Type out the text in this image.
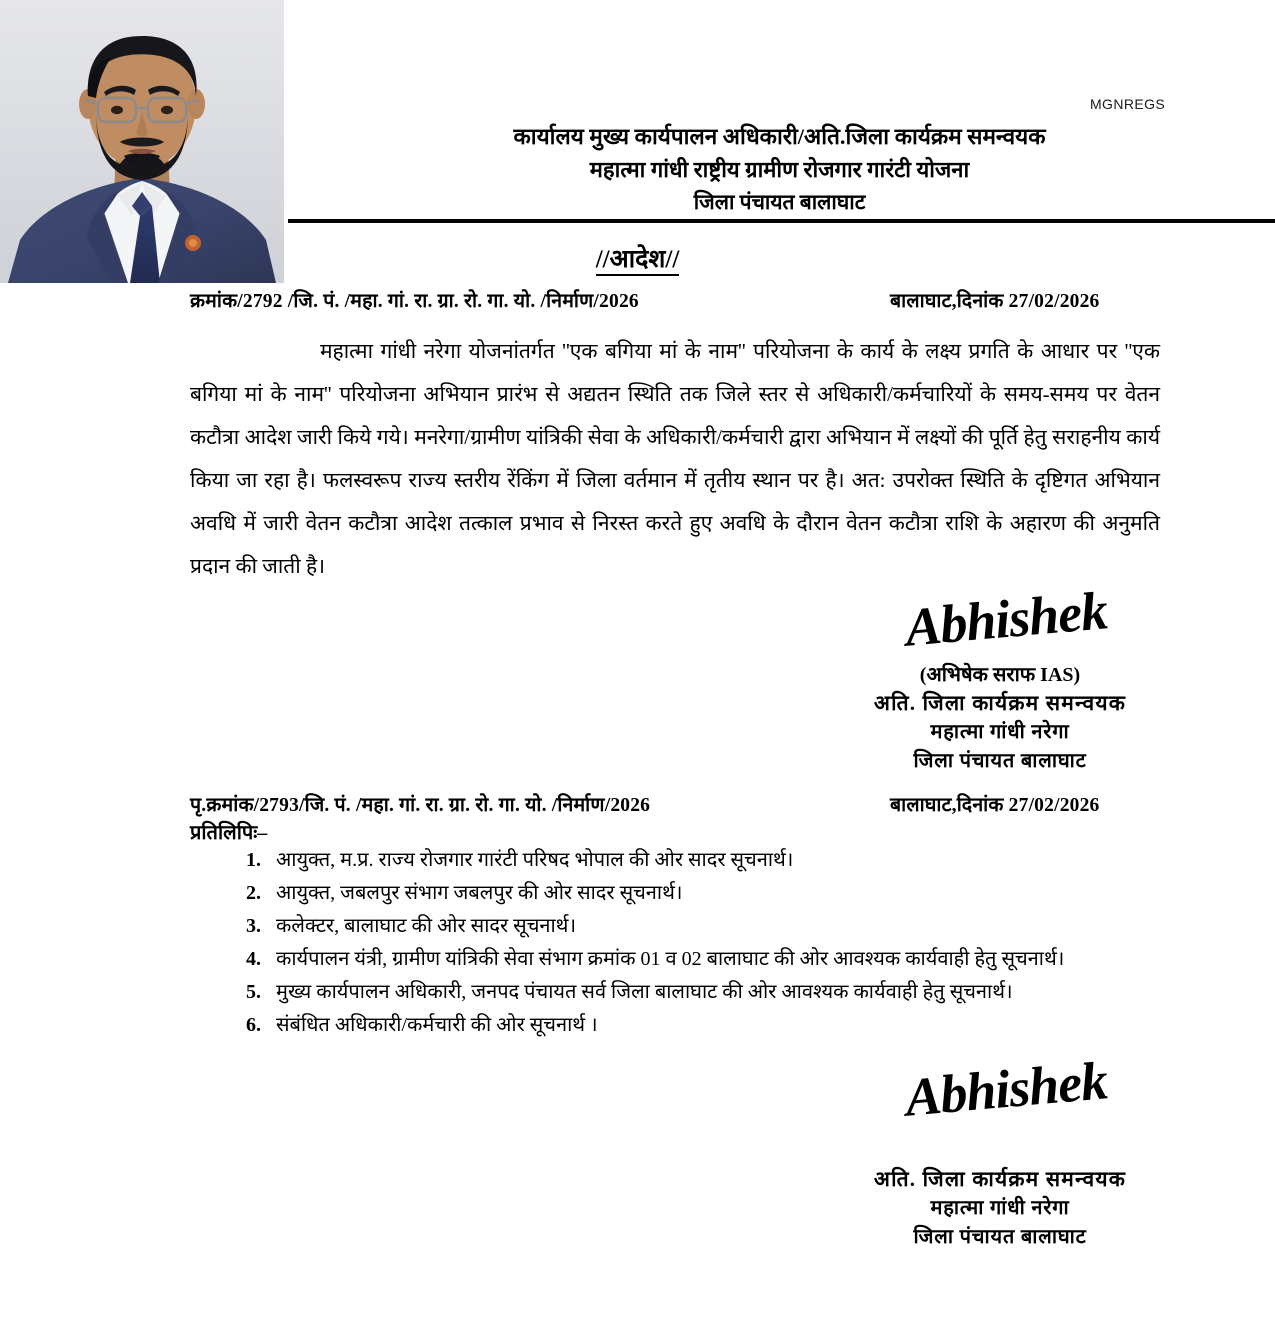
MGNREGS
कार्यालय मुख्य कार्यपालन अधिकारी/अति.जिला कार्यक्रम समन्वयक
महात्मा गांधी राष्ट्रीय ग्रामीण रोजगार गारंटी योजना
जिला पंचायत बालाघाट
//आदेश//
क्रमांक/2792 /जि. पं. /महा. गां. रा. ग्रा. रो. गा. यो. /निर्माण/2026	बालाघाट,दिनांक 27/02/2026
महात्मा गांधी नरेगा योजनांतर्गत ''एक बगिया मां के नाम'' परियोजना के कार्य के लक्ष्य प्रगति के आधार पर ''एक बगिया मां के नाम'' परियोजना अभियान प्रारंभ से अद्यतन स्थिति तक जिले स्तर से अधिकारी/कर्मचारियों के समय-समय पर वेतन कटौत्रा आदेश जारी किये गये। मनरेगा/ग्रामीण यांत्रिकी सेवा के अधिकारी/कर्मचारी द्वारा अभियान में लक्ष्यों की पूर्ति हेतु सराहनीय कार्य किया जा रहा है। फलस्वरूप राज्य स्तरीय रेंकिंग में जिला वर्तमान में तृतीय स्थान पर है। अत: उपरोक्त स्थिति के दृष्टिगत अभियान अवधि में जारी वेतन कटौत्रा आदेश तत्काल प्रभाव से निरस्त करते हुए अवधि के दौरान वेतन कटौत्रा राशि के अहारण की अनुमति प्रदान की जाती है।
Abhishek
(अभिषेक सराफ IAS)
अति. जिला कार्यक्रम समन्वयक
महात्मा गांधी नरेगा
जिला पंचायत बालाघाट
पृ.क्रमांक/2793/जि. पं. /महा. गां. रा. ग्रा. रो. गा. यो. /निर्माण/2026	बालाघाट,दिनांक 27/02/2026
प्रतिलिपिः–
1. आयुक्त, म.प्र. राज्य रोजगार गारंटी परिषद भोपाल की ओर सादर सूचनार्थ।
2. आयुक्त, जबलपुर संभाग जबलपुर की ओर सादर सूचनार्थ।
3. कलेक्टर, बालाघाट की ओर सादर सूचनार्थ।
4. कार्यपालन यंत्री, ग्रामीण यांत्रिकी सेवा संभाग क्रमांक 01 व 02 बालाघाट की ओर आवश्यक कार्यवाही हेतु सूचनार्थ।
5. मुख्य कार्यपालन अधिकारी, जनपद पंचायत सर्व जिला बालाघाट की ओर आवश्यक कार्यवाही हेतु सूचनार्थ।
6. संबंधित अधिकारी/कर्मचारी की ओर सूचनार्थ ।
Abhishek
अति. जिला कार्यक्रम समन्वयक
महात्मा गांधी नरेगा
जिला पंचायत बालाघाट
